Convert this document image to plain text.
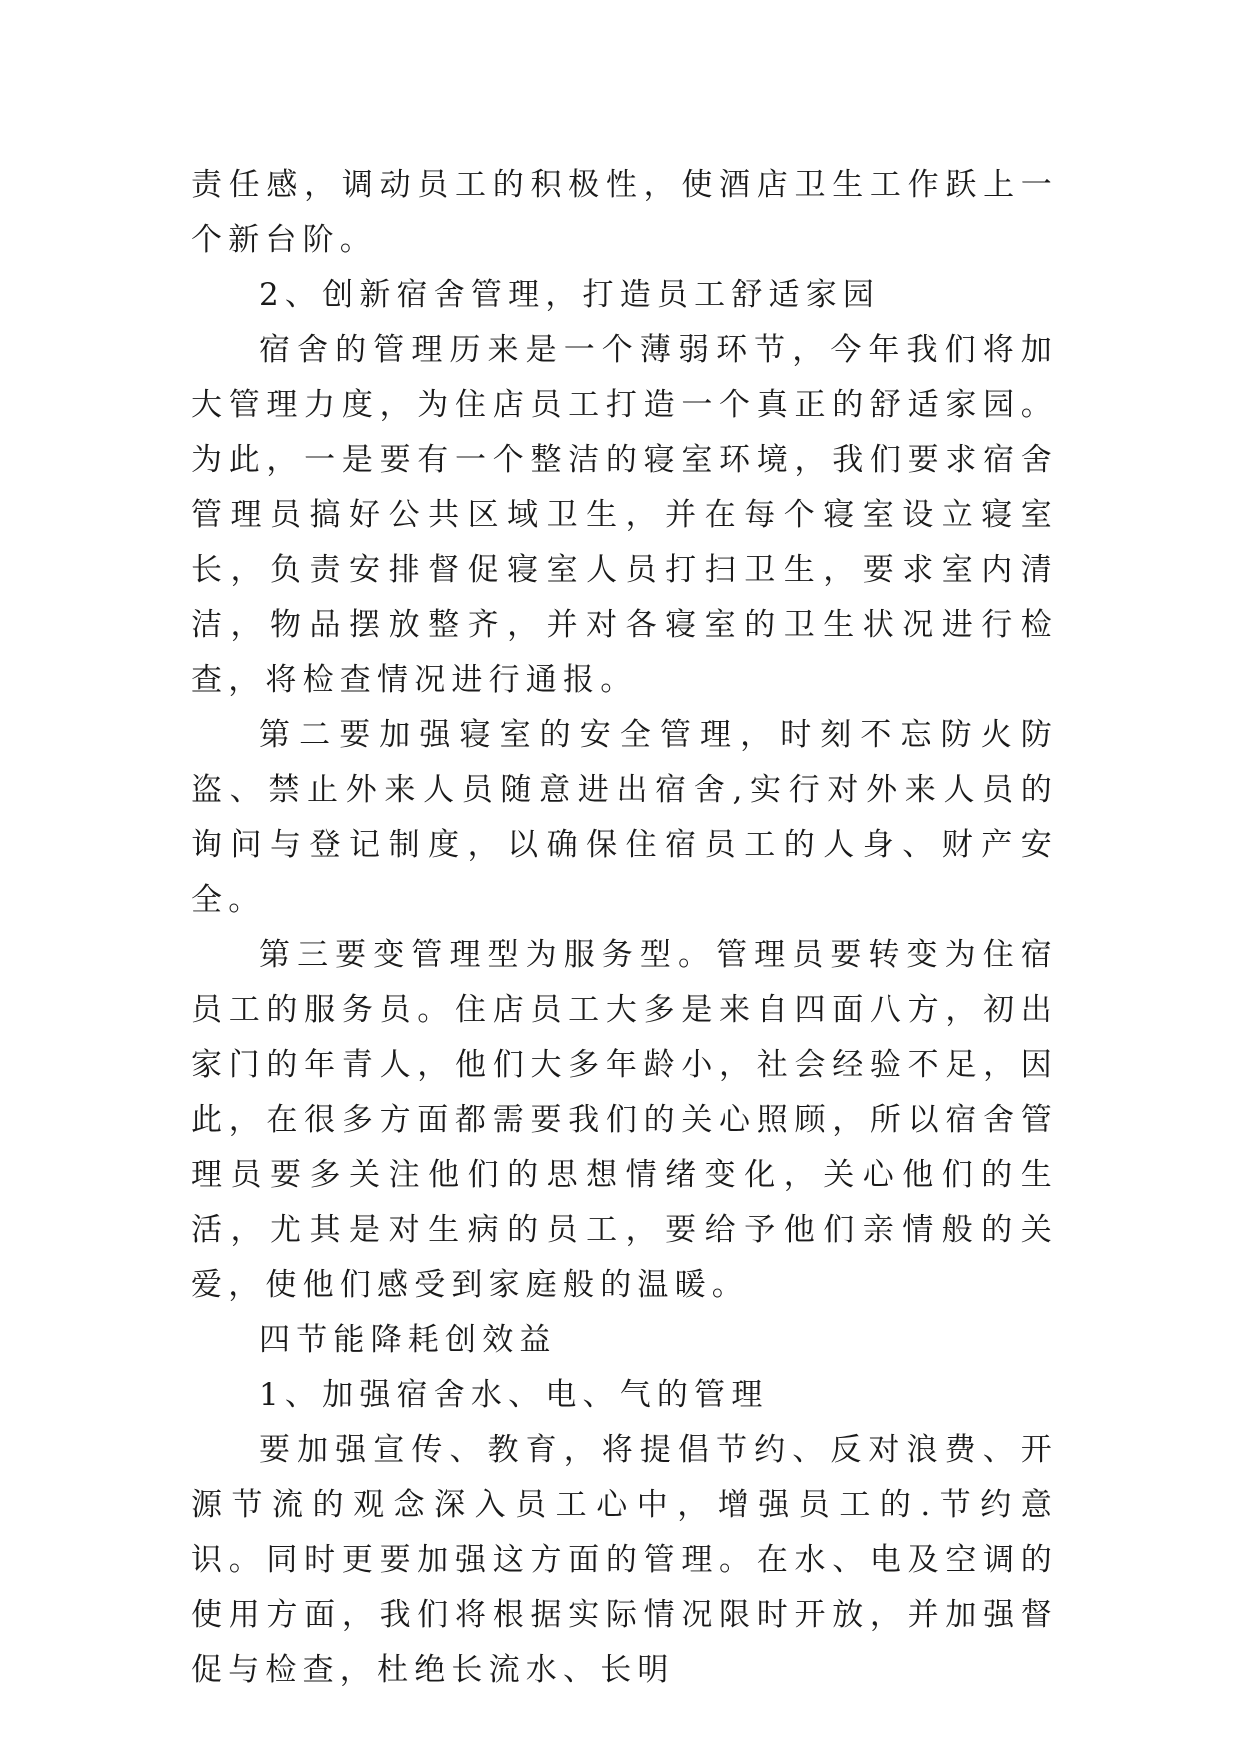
责任感，调动员工的积极性，使酒店卫生工作跃上一个新台阶。

2、创新宿舍管理，打造员工舒适家园

宿舍的管理历来是一个薄弱环节，今年我们将加大管理力度，为住店员工打造一个真正的舒适家园。为此，一是要有一个整洁的寝室环境，我们要求宿舍管理员搞好公共区域卫生，并在每个寝室设立寝室长，负责安排督促寝室人员打扫卫生，要求室内清洁，物品摆放整齐，并对各寝室的卫生状况进行检查，将检查情况进行通报。

第二要加强寝室的安全管理，时刻不忘防火防盗、禁止外来人员随意进出宿舍,实行对外来人员的询问与登记制度，以确保住宿员工的人身、财产安全。

第三要变管理型为服务型。管理员要转变为住宿员工的服务员。住店员工大多是来自四面八方，初出家门的年青人，他们大多年龄小，社会经验不足，因此，在很多方面都需要我们的关心照顾，所以宿舍管理员要多关注他们的思想情绪变化，关心他们的生活，尤其是对生病的员工，要给予他们亲情般的关爱，使他们感受到家庭般的温暖。

四节能降耗创效益

1、加强宿舍水、电、气的管理

要加强宣传、教育，将提倡节约、反对浪费、开源节流的观念深入员工心中，增强员工的.节约意识。同时更要加强这方面的管理。在水、电及空调的使用方面，我们将根据实际情况限时开放，并加强督促与检查，杜绝长流水、长明
